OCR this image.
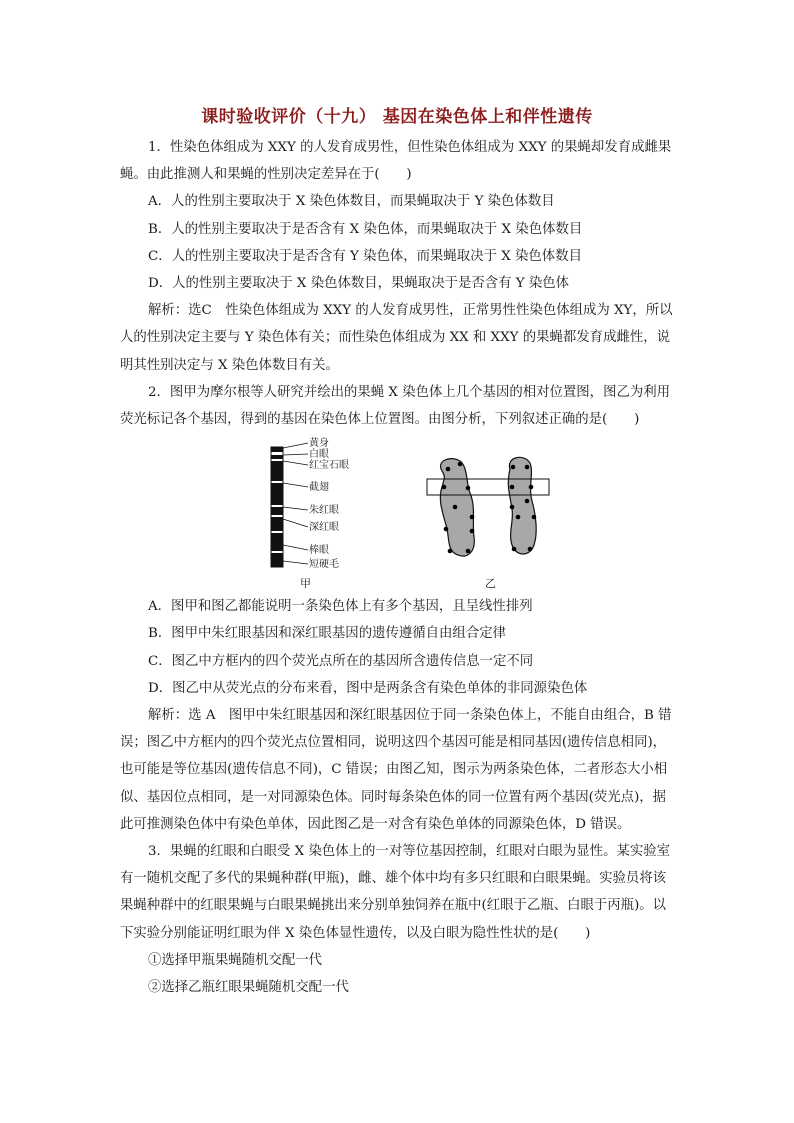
课时验收评价（十九） 基因在染色体上和伴性遗传

1．性染色体组成为 XXY 的人发育成男性，但性染色体组成为 XXY 的果蝇却发育成雌果蝇。由此推测人和果蝇的性别决定差异在于(　　)

A．人的性别主要取决于 X 染色体数目，而果蝇取决于 Y 染色体数目

B．人的性别主要取决于是否含有 X 染色体，而果蝇取决于 X 染色体数目

C．人的性别主要取决于是否含有 Y 染色体，而果蝇取决于 X 染色体数目

D．人的性别主要取决于 X 染色体数目，果蝇取决于是否含有 Y 染色体

解析：选C　性染色体组成为 XXY 的人发育成男性，正常男性性染色体组成为 XY，所以人的性别决定主要与 Y 染色体有关；而性染色体组成为 XX 和 XXY 的果蝇都发育成雌性，说明其性别决定与 X 染色体数目有关。

2．图甲为摩尔根等人研究并绘出的果蝇 X 染色体上几个基因的相对位置图，图乙为利用荧光标记各个基因，得到的基因在染色体上位置图。由图分析，下列叙述正确的是(　　)

黄身
白眼
红宝石眼
截翅
朱红眼
深红眼
棒眼
短硬毛
甲	乙

A．图甲和图乙都能说明一条染色体上有多个基因，且呈线性排列

B．图甲中朱红眼基因和深红眼基因的遗传遵循自由组合定律

C．图乙中方框内的四个荧光点所在的基因所含遗传信息一定不同

D．图乙中从荧光点的分布来看，图中是两条含有染色单体的非同源染色体

解析：选 A　图甲中朱红眼基因和深红眼基因位于同一条染色体上，不能自由组合，B 错误；图乙中方框内的四个荧光点位置相同，说明这四个基因可能是相同基因(遗传信息相同)，也可能是等位基因(遗传信息不同)，C 错误；由图乙知，图示为两条染色体，二者形态大小相似、基因位点相同，是一对同源染色体。同时每条染色体的同一位置有两个基因(荧光点)，据此可推测染色体中有染色单体，因此图乙是一对含有染色单体的同源染色体，D 错误。

3．果蝇的红眼和白眼受 X 染色体上的一对等位基因控制，红眼对白眼为显性。某实验室有一随机交配了多代的果蝇种群(甲瓶)，雌、雄个体中均有多只红眼和白眼果蝇。实验员将该果蝇种群中的红眼果蝇与白眼果蝇挑出来分别单独饲养在瓶中(红眼于乙瓶、白眼于丙瓶)。以下实验分别能证明红眼为伴 X 染色体显性遗传，以及白眼为隐性性状的是(　　)

①选择甲瓶果蝇随机交配一代

②选择乙瓶红眼果蝇随机交配一代
